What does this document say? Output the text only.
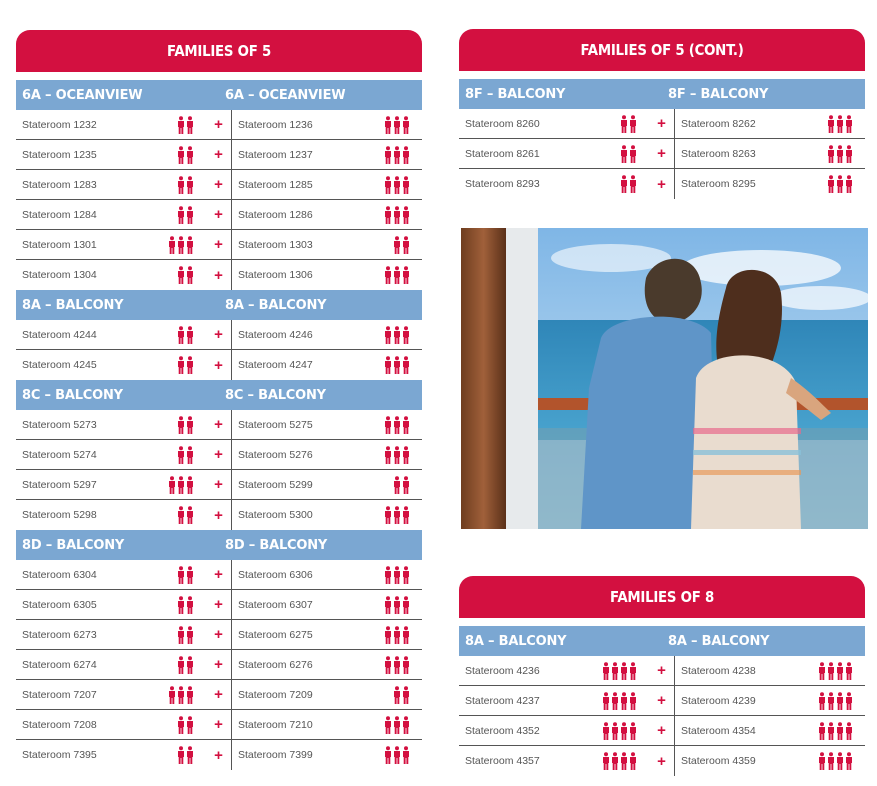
FAMILIES OF 5
6A – OCEANVIEW	6A – OCEANVIEW
Stateroom 1232	+	Stateroom 1236
Stateroom 1235	+	Stateroom 1237
Stateroom 1283	+	Stateroom 1285
Stateroom 1284	+	Stateroom 1286
Stateroom 1301	+	Stateroom 1303
Stateroom 1304	+	Stateroom 1306
8A – BALCONY	8A – BALCONY
Stateroom 4244	+	Stateroom 4246
Stateroom 4245	+	Stateroom 4247
8C – BALCONY	8C – BALCONY
Stateroom 5273	+	Stateroom 5275
Stateroom 5274	+	Stateroom 5276
Stateroom 5297	+	Stateroom 5299
Stateroom 5298	+	Stateroom 5300
8D – BALCONY	8D – BALCONY
Stateroom 6304	+	Stateroom 6306
Stateroom 6305	+	Stateroom 6307
Stateroom 6273	+	Stateroom 6275
Stateroom 6274	+	Stateroom 6276
Stateroom 7207	+	Stateroom 7209
Stateroom 7208	+	Stateroom 7210
Stateroom 7395	+	Stateroom 7399
FAMILIES OF 5 (CONT.)
8F – BALCONY	8F – BALCONY
Stateroom 8260	+	Stateroom 8262
Stateroom 8261	+	Stateroom 8263
Stateroom 8293	+	Stateroom 8295
FAMILIES OF 8
8A – BALCONY	8A – BALCONY
Stateroom 4236	+	Stateroom 4238
Stateroom 4237	+	Stateroom 4239
Stateroom 4352	+	Stateroom 4354
Stateroom 4357	+	Stateroom 4359
